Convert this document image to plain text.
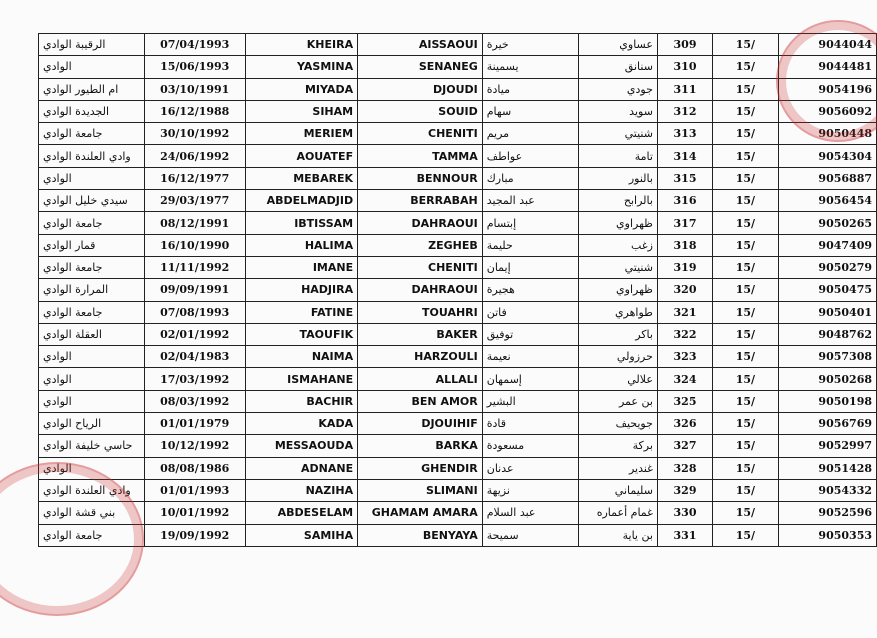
الرقيبة الوادي	07/04/1993	KHEIRA	AISSAOUI	خيرة	عساوي	309	15/	9044044
الوادي	15/06/1993	YASMINA	SENANEG	يسمينة	سنانق	310	15/	9044481
ام الطيور الوادي	03/10/1991	MIYADA	DJOUDI	ميادة	جودي	311	15/	9054196
الجديدة الوادي	16/12/1988	SIHAM	SOUID	سهام	سويد	312	15/	9056092
جامعة الوادي	30/10/1992	MERIEM	CHENITI	مريم	شنيتي	313	15/	9050448
وادي العلندة الوادي	24/06/1992	AOUATEF	TAMMA	عواطف	تامة	314	15/	9054304
الوادي	16/12/1977	MEBAREK	BENNOUR	مبارك	بالنور	315	15/	9056887
سيدي خليل الوادي	29/03/1977	ABDELMADJID	BERRABAH	عبد المجيد	بالرابح	316	15/	9056454
جامعة الوادي	08/12/1991	IBTISSAM	DAHRAOUI	إبتسام	ظهراوي	317	15/	9050265
قمار الوادي	16/10/1990	HALIMA	ZEGHEB	حليمة	زغب	318	15/	9047409
جامعة الوادي	11/11/1992	IMANE	CHENITI	إيمان	شنيتي	319	15/	9050279
المرارة الوادي	09/09/1991	HADJIRA	DAHRAOUI	هجيرة	ظهراوي	320	15/	9050475
جامعة الوادي	07/08/1993	FATINE	TOUAHRI	فاتن	طواهري	321	15/	9050401
العقلة الوادي	02/01/1992	TAOUFIK	BAKER	توفيق	باكر	322	15/	9048762
الوادي	02/04/1983	NAIMA	HARZOULI	نعيمة	حرزولي	323	15/	9057308
الوادي	17/03/1992	ISMAHANE	ALLALI	إسمهان	علالي	324	15/	9050268
الوادي	08/03/1992	BACHIR	BEN AMOR	البشير	بن عمر	325	15/	9050198
الرياح الوادي	01/01/1979	KADA	DJOUIHIF	قادة	جويحيف	326	15/	9056769
حاسي خليفة الوادي	10/12/1992	MESSAOUDA	BARKA	مسعودة	بركة	327	15/	9052997
الوادي	08/08/1986	ADNANE	GHENDIR	عدنان	غندير	328	15/	9051428
وادي العلندة الوادي	01/01/1993	NAZIHA	SLIMANI	نزيهة	سليماني	329	15/	9054332
بني قشة الوادي	10/01/1992	ABDESELAM	GHAMAM AMARA	عبد السلام	غمام أعماره	330	15/	9052596
جامعة الوادي	19/09/1992	SAMIHA	BENYAYA	سميحة	بن ياية	331	15/	9050353
